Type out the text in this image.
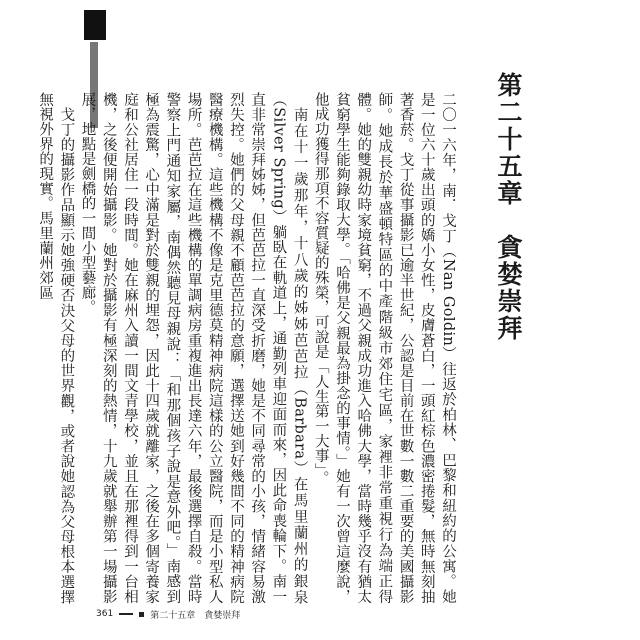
第二十五章　貪婪崇拜

二〇一六年，南．戈丁（Nan Goldin）往返於柏林、巴黎和紐約的公寓。她是一位六十歲出頭的嬌小女性，皮膚蒼白，一頭紅棕色濃密捲髮，無時無刻抽著香菸。戈丁從事攝影已逾半世紀，公認是目前在世數一數二重要的美國攝影師。她成長於華盛頓特區的中產階級市郊住宅區，家裡非常重視行為端正得體。她的雙親幼時家境貧窮，不過父親成功進入哈佛大學，當時幾乎沒有猶太貧窮學生能夠錄取大學。「哈佛是父親最為掛念的事情。」她有一次曾這麼說，他成功獲得那項不容質疑的殊榮，可說是「人生第一大事」。

南在十一歲那年，十八歲的姊姊芭芭拉（Barbara）在馬里蘭州的銀泉（Silver Spring）躺臥在軌道上，通勤列車迎面而來，因此命喪輪下。南一直非常崇拜姊姊，但芭芭拉一直深受折磨，她是不同尋常的小孩，情緒容易激烈失控。她們的父母親不顧芭芭拉的意願，選擇送她到好幾間不同的精神病院醫療機構。這些機構不像是克里德莫精神病院這樣的公立醫院，而是小型私人場所。芭芭拉在這些機構的單調病房重複進出長達六年，最後選擇自殺。當時警察上門通知家屬，南偶然聽見母親說：「和那個孩子說是意外吧。」南感到極為震驚，心中滿是對於雙親的埋怨，因此十四歲就離家，之後在多個寄養家庭和公社居住一段時間。她在麻州入讀一間文青學校，並且在那裡得到一台相機，之後便開始攝影。她對於攝影有極深刻的熱情，十九歲就舉辦第一場攝影展，地點是劍橋的一間小型藝廊。

戈丁的攝影作品顯示她強硬否決父母的世界觀，或者說她認為父母根本選擇無視外界的現實。馬里蘭州郊區

361	第二十五章　貪婪崇拜
